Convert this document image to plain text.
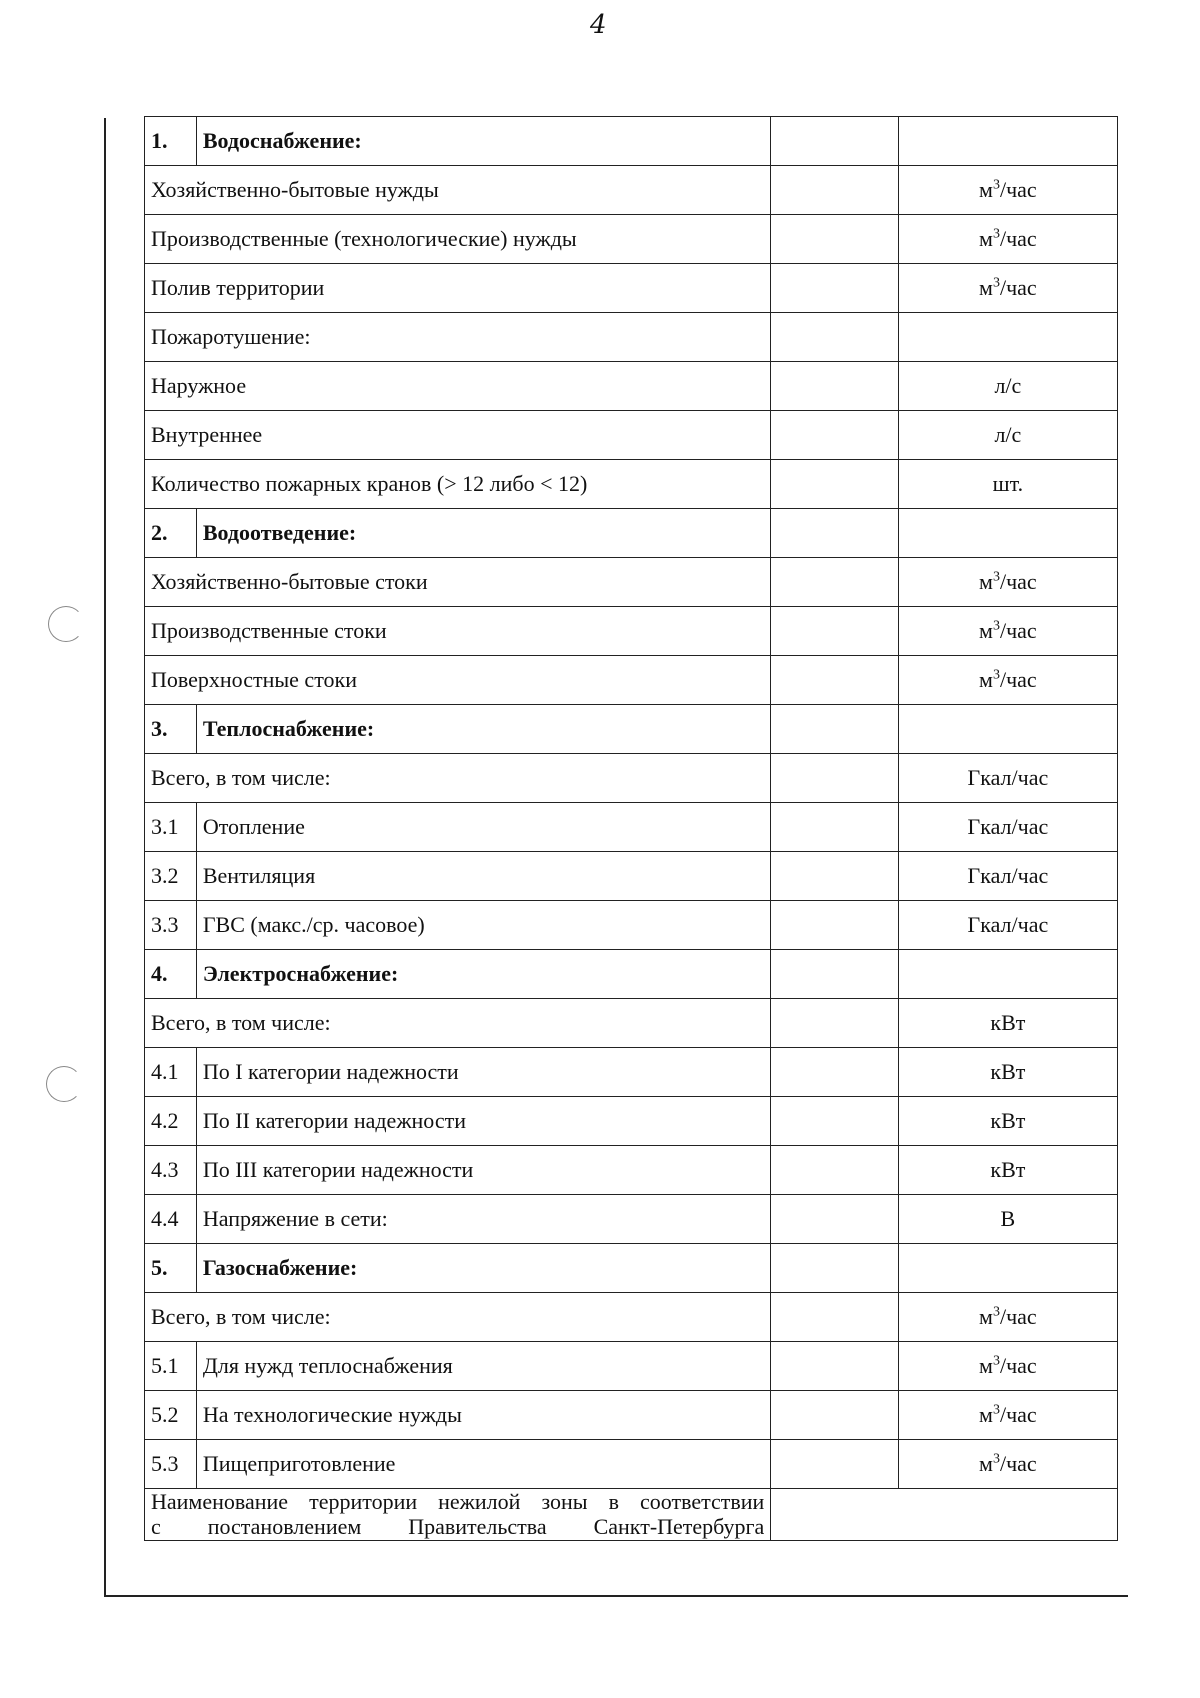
4
1.	Водоснабжение:		
Хозяйственно-бытовые нужды			$м^3$/час
Производственные (технологические) нужды			$м^3$/час
Полив территории			$м^3$/час
Пожаротушение:			
Наружное			л/с
Внутреннее			л/с
Количество пожарных кранов (> 12 либо < 12)			шт.
2.	Водоотведение:		
Хозяйственно-бытовые стоки			$м^3$/час
Производственные стоки			$м^3$/час
Поверхностные стоки			$м^3$/час
3.	Теплоснабжение:		
Всего, в том числе:			Гкал/час
3.1	Отопление		Гкал/час
3.2	Вентиляция		Гкал/час
3.3	ГВС (макс./ср. часовое)		Гкал/час
4.	Электроснабжение:		
Всего, в том числе:			кВт
4.1	По I категории надежности		кВт
4.2	По II категории надежности		кВт
4.3	По III категории надежности		кВт
4.4	Напряжение в сети:		В
5.	Газоснабжение:		
Всего, в том числе:			$м^3$/час
5.1	Для нужд теплоснабжения		$м^3$/час
5.2	На технологические нужды		$м^3$/час
5.3	Пищеприготовление		$м^3$/час

Наименование территории нежилой зоны в соответствии
с постановлением Правительства Санкт-Петербурга			
